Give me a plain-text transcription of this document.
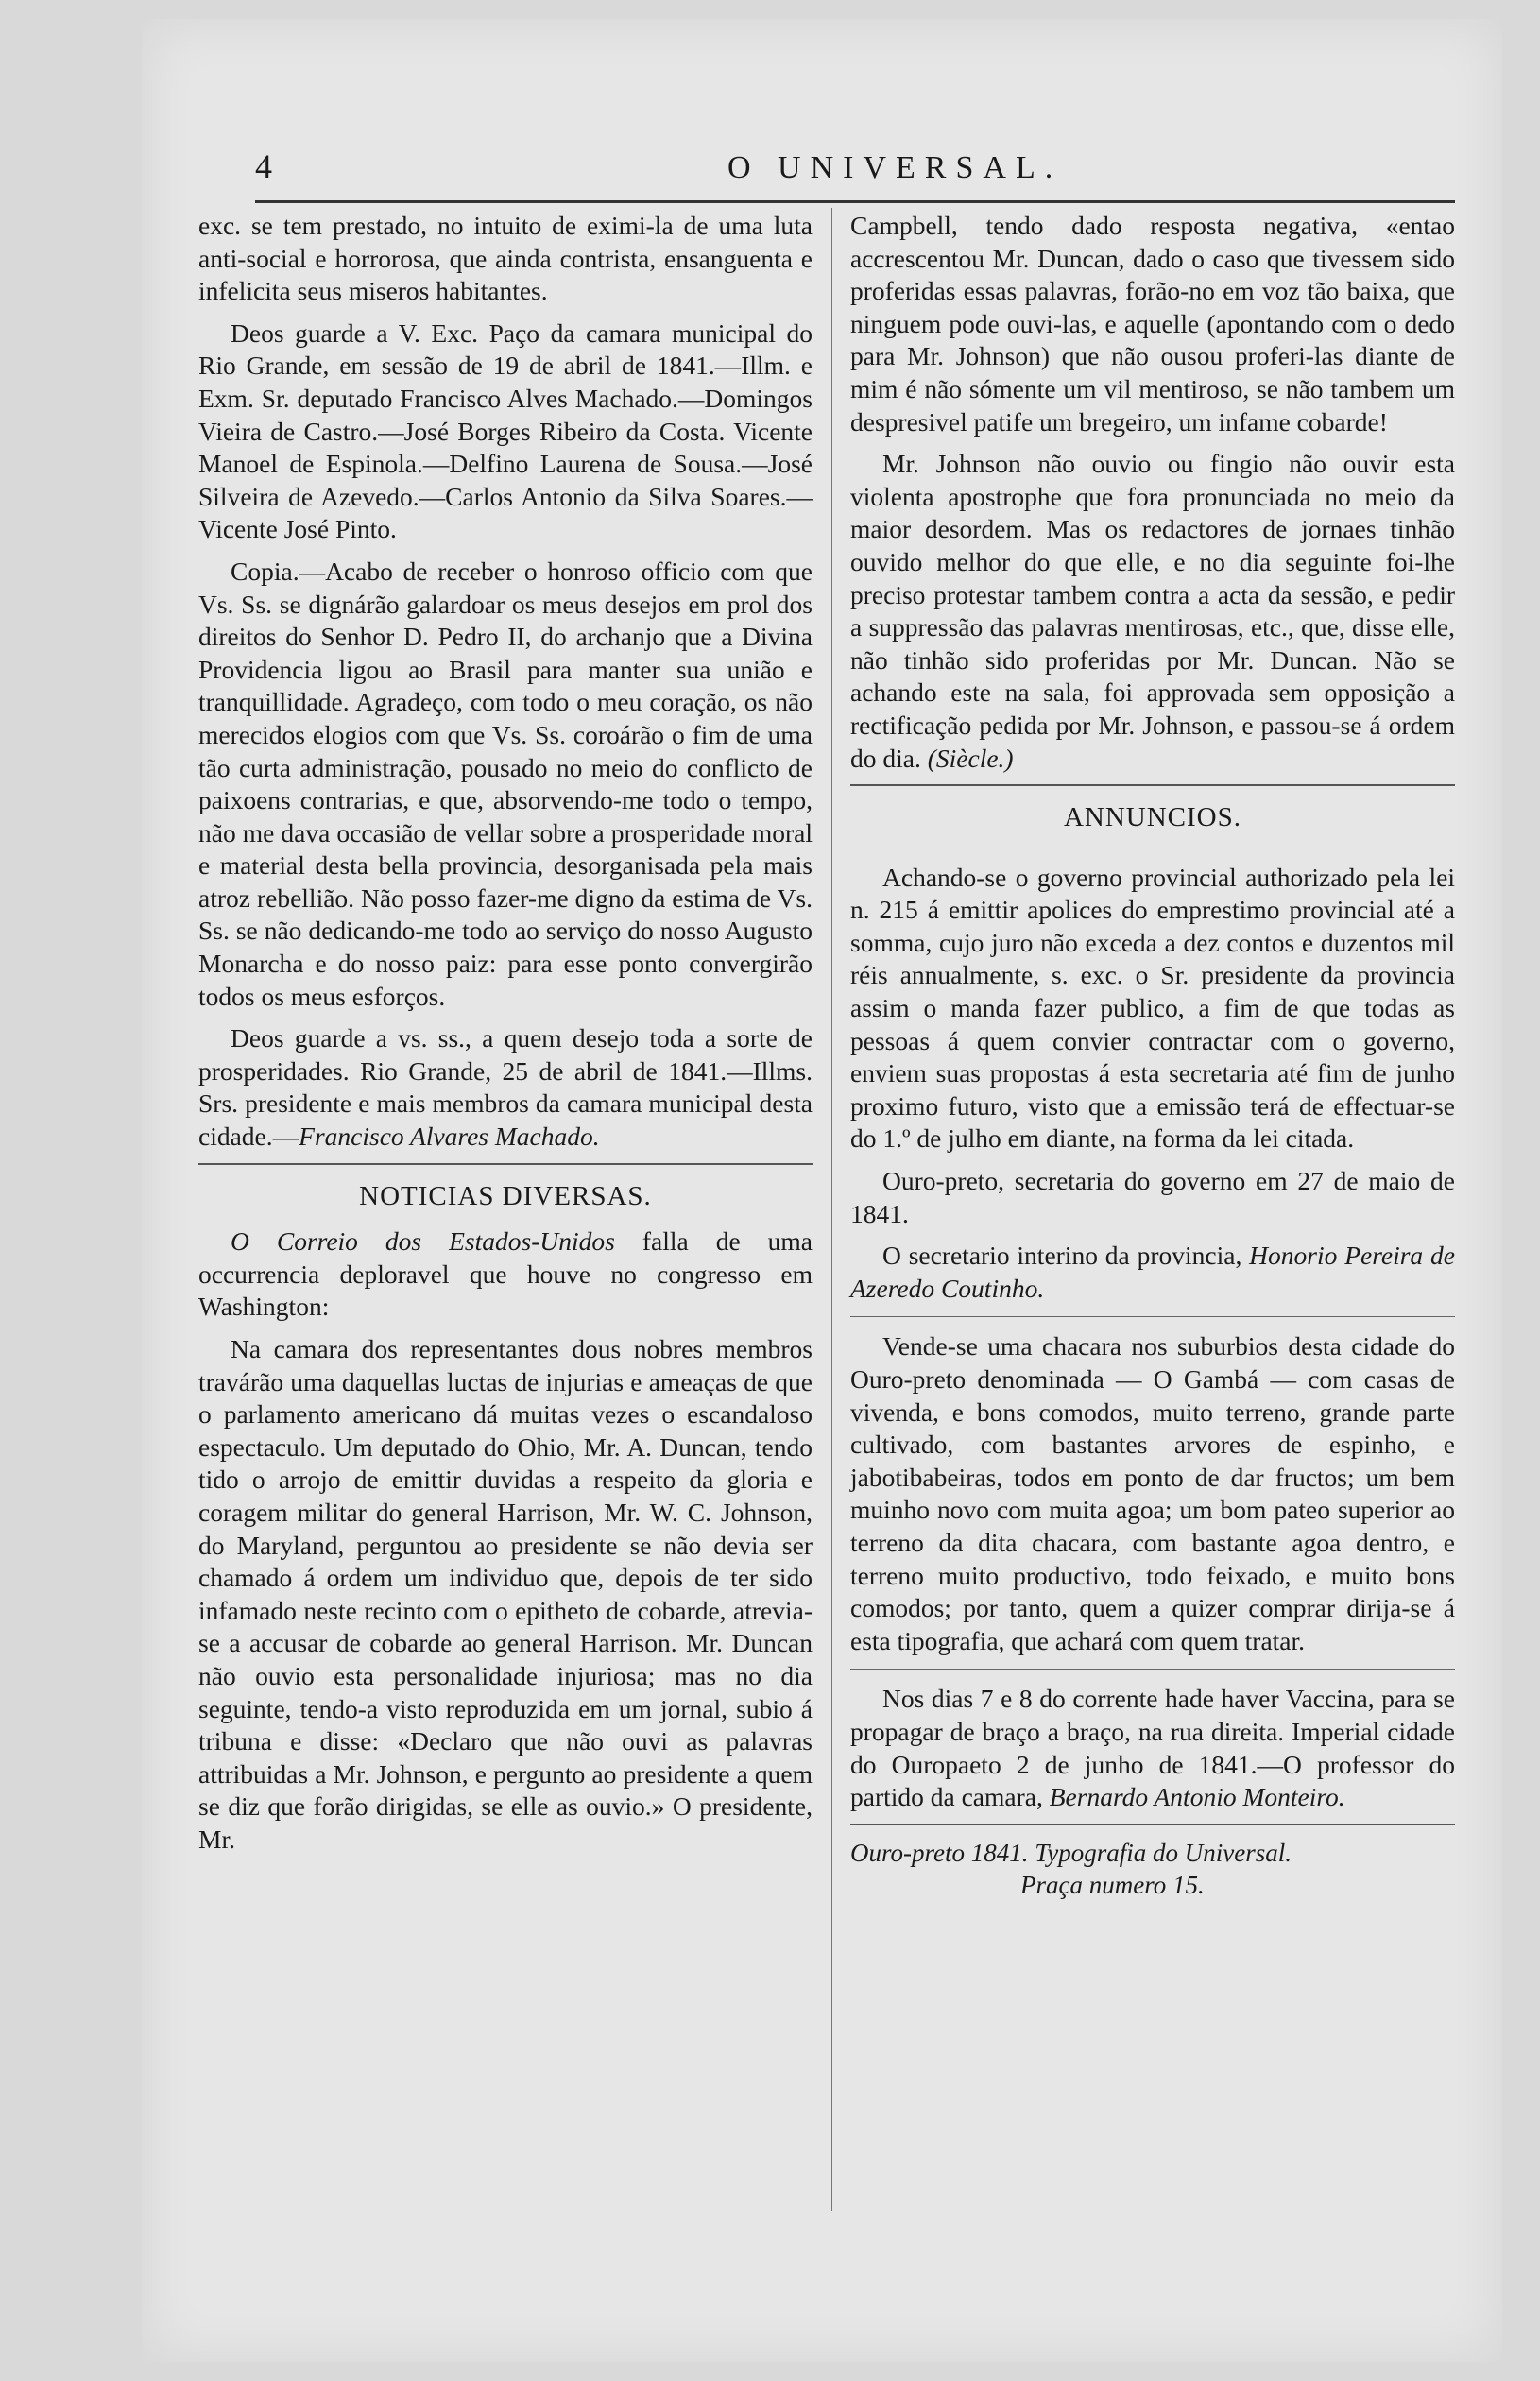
4	O UNIVERSAL.

exc. se tem prestado, no intuito de eximi-la de uma luta anti-social e horrorosa, que ainda contrista, ensanguenta e infelicita seus miseros habitantes.

Deos guarde a V. Exc. Paço da camara municipal do Rio Grande, em sessão de 19 de abril de 1841.—Illm. e Exm. Sr. deputado Francisco Alves Machado.—Domingos Vieira de Castro.—José Borges Ribeiro da Costa. Vicente Manoel de Espinola.—Delfino Laurena de Sousa.—José Silveira de Azevedo.—Carlos Antonio da Silva Soares.—Vicente José Pinto.

Copia.—Acabo de receber o honroso officio com que Vs. Ss. se dignárão galardoar os meus desejos em prol dos direitos do Senhor D. Pedro II, do archanjo que a Divina Providencia ligou ao Brasil para manter sua união e tranquillidade. Agradeço, com todo o meu coração, os não merecidos elogios com que Vs. Ss. coroárão o fim de uma tão curta administração, pousado no meio do conflicto de paixoens contrarias, e que, absorvendo-me todo o tempo, não me dava occasião de vellar sobre a prosperidade moral e material desta bella provincia, desorganisada pela mais atroz rebellião. Não posso fazer-me digno da estima de Vs. Ss. se não dedicando-me todo ao serviço do nosso Augusto Monarcha e do nosso paiz: para esse ponto convergirão todos os meus esforços.

Deos guarde a vs. ss., a quem desejo toda a sorte de prosperidades. Rio Grande, 25 de abril de 1841.—Illms. Srs. presidente e mais membros da camara municipal desta cidade.—Francisco Alvares Machado.

NOTICIAS DIVERSAS.

O Correio dos Estados-Unidos falla de uma occurrencia deploravel que houve no congresso em Washington:

Na camara dos representantes dous nobres membros travárão uma daquellas luctas de injurias e ameaças de que o parlamento americano dá muitas vezes o escandaloso espectaculo. Um deputado do Ohio, Mr. A. Duncan, tendo tido o arrojo de emittir duvidas a respeito da gloria e coragem militar do general Harrison, Mr. W. C. Johnson, do Maryland, perguntou ao presidente se não devia ser chamado á ordem um individuo que, depois de ter sido infamado neste recinto com o epitheto de cobarde, atrevia-se a accusar de cobarde ao general Harrison. Mr. Duncan não ouvio esta personalidade injuriosa; mas no dia seguinte, tendo-a visto reproduzida em um jornal, subio á tribuna e disse: «Declaro que não ouvi as palavras attribuidas a Mr. Johnson, e pergunto ao presidente a quem se diz que forão dirigidas, se elle as ouvio.» O presidente, Mr.

Campbell, tendo dado resposta negativa, «entao accrescentou Mr. Duncan, dado o caso que tivessem sido proferidas essas palavras, forão-no em voz tão baixa, que ninguem pode ouvi-las, e aquelle (apontando com o dedo para Mr. Johnson) que não ousou proferi-las diante de mim é não sómente um vil mentiroso, se não tambem um despresivel patife um bregeiro, um infame cobarde!

Mr. Johnson não ouvio ou fingio não ouvir esta violenta apostrophe que fora pronunciada no meio da maior desordem. Mas os redactores de jornaes tinhão ouvido melhor do que elle, e no dia seguinte foi-lhe preciso protestar tambem contra a acta da sessão, e pedir a suppressão das palavras mentirosas, etc., que, disse elle, não tinhão sido proferidas por Mr. Duncan. Não se achando este na sala, foi approvada sem opposição a rectificação pedida por Mr. Johnson, e passou-se á ordem do dia. (Siècle.)

ANNUNCIOS.

Achando-se o governo provincial authorizado pela lei n. 215 á emittir apolices do emprestimo provincial até a somma, cujo juro não exceda a dez contos e duzentos mil réis annualmente, s. exc. o Sr. presidente da provincia assim o manda fazer publico, a fim de que todas as pessoas á quem convier contractar com o governo, enviem suas propostas á esta secretaria até fim de junho proximo futuro, visto que a emissão terá de effectuar-se do 1.º de julho em diante, na forma da lei citada.

Ouro-preto, secretaria do governo em 27 de maio de 1841.

O secretario interino da provincia, Honorio Pereira de Azeredo Coutinho.

Vende-se uma chacara nos suburbios desta cidade do Ouro-preto denominada — O Gambá — com casas de vivenda, e bons comodos, muito terreno, grande parte cultivado, com bastantes arvores de espinho, e jabotibabeiras, todos em ponto de dar fructos; um bem muinho novo com muita agoa; um bom pateo superior ao terreno da dita chacara, com bastante agoa dentro, e terreno muito productivo, todo feixado, e muito bons comodos; por tanto, quem a quizer comprar dirija-se á esta tipografia, que achará com quem tratar.

Nos dias 7 e 8 do corrente hade haver Vaccina, para se propagar de braço a braço, na rua direita. Imperial cidade do Ouropaeto 2 de junho de 1841.—O professor do partido da camara, Bernardo Antonio Monteiro.

Ouro-preto 1841. Typografia do Universal.
Praça numero 15.
